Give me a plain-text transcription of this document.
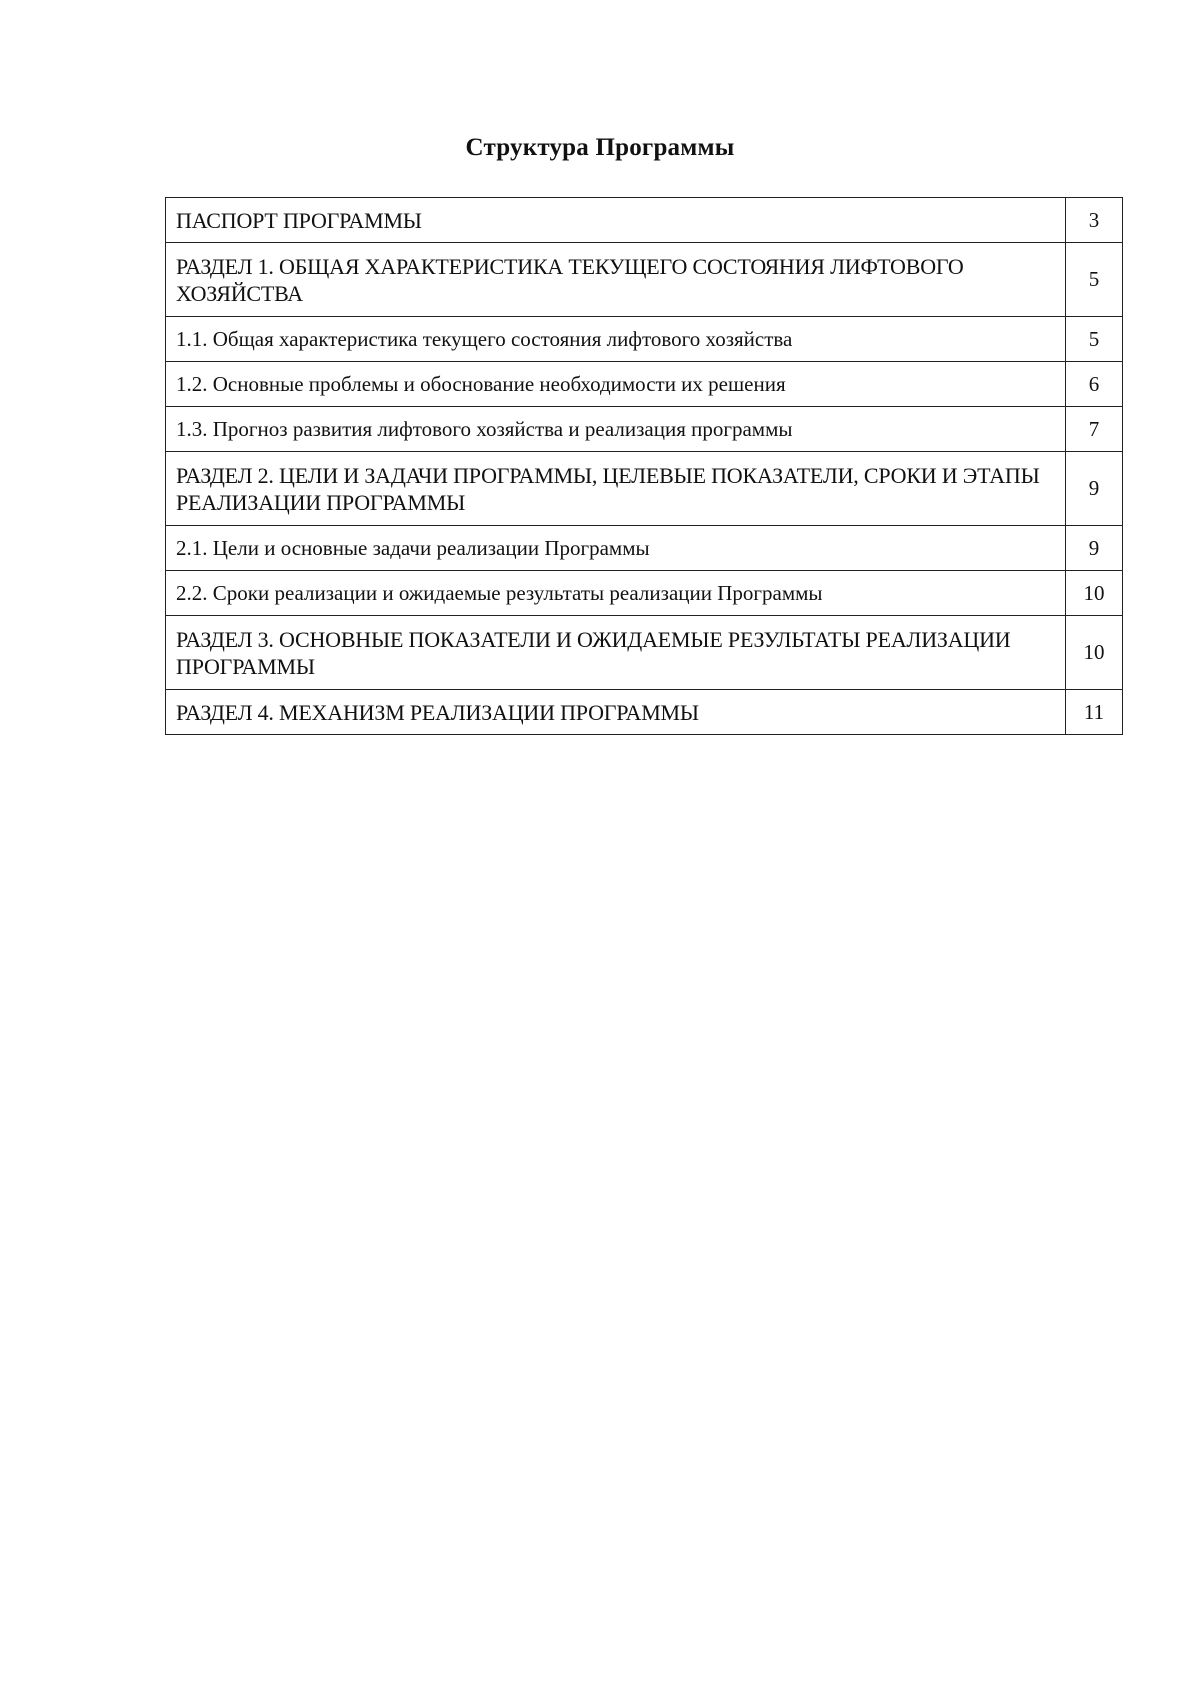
Структура Программы
ПАСПОРТ ПРОГРАММЫ	3
РАЗДЕЛ 1. ОБЩАЯ ХАРАКТЕРИСТИКА ТЕКУЩЕГО СОСТОЯНИЯ ЛИФТОВОГО ХОЗЯЙСТВА	5
1.1. Общая характеристика текущего состояния лифтового хозяйства	5
1.2. Основные проблемы и обоснование необходимости их решения	6
1.3. Прогноз развития лифтового хозяйства и реализация программы	7
РАЗДЕЛ 2. ЦЕЛИ И ЗАДАЧИ ПРОГРАММЫ, ЦЕЛЕВЫЕ ПОКАЗАТЕЛИ, СРОКИ И ЭТАПЫ РЕАЛИЗАЦИИ ПРОГРАММЫ	9
2.1. Цели и основные задачи реализации Программы	9
2.2. Сроки реализации и ожидаемые результаты реализации Программы	10
РАЗДЕЛ 3. ОСНОВНЫЕ ПОКАЗАТЕЛИ И ОЖИДАЕМЫЕ РЕЗУЛЬТАТЫ РЕАЛИЗАЦИИ ПРОГРАММЫ	10
РАЗДЕЛ 4. МЕХАНИЗМ РЕАЛИЗАЦИИ ПРОГРАММЫ	11
